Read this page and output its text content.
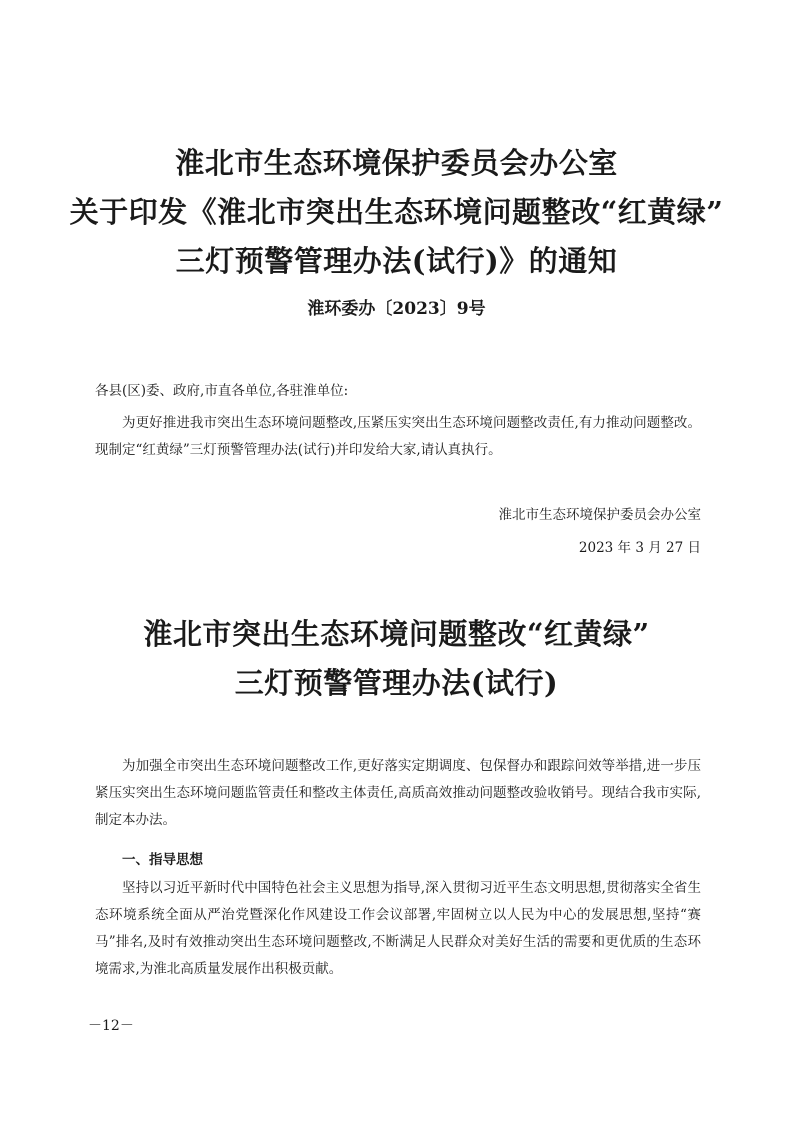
淮北市生态环境保护委员会办公室
关于印发《淮北市突出生态环境问题整改“红黄绿”
三灯预警管理办法(试行)》的通知
淮环委办〔2023〕9号
各县(区)委、政府,市直各单位,各驻淮单位:
为更好推进我市突出生态环境问题整改,压紧压实突出生态环境问题整改责任,有力推动问题整改。现制定“红黄绿”三灯预警管理办法(试行)并印发给大家,请认真执行。
淮北市生态环境保护委员会办公室
2023 年 3 月 27 日
淮北市突出生态环境问题整改“红黄绿”
三灯预警管理办法(试行)
为加强全市突出生态环境问题整改工作,更好落实定期调度、包保督办和跟踪问效等举措,进一步压紧压实突出生态环境问题监管责任和整改主体责任,高质高效推动问题整改验收销号。现结合我市实际,制定本办法。
一、指导思想
坚持以习近平新时代中国特色社会主义思想为指导,深入贯彻习近平生态文明思想,贯彻落实全省生态环境系统全面从严治党暨深化作风建设工作会议部署,牢固树立以人民为中心的发展思想,坚持“赛马”排名,及时有效推动突出生态环境问题整改,不断满足人民群众对美好生活的需要和更优质的生态环境需求,为淮北高质量发展作出积极贡献。
－12－
